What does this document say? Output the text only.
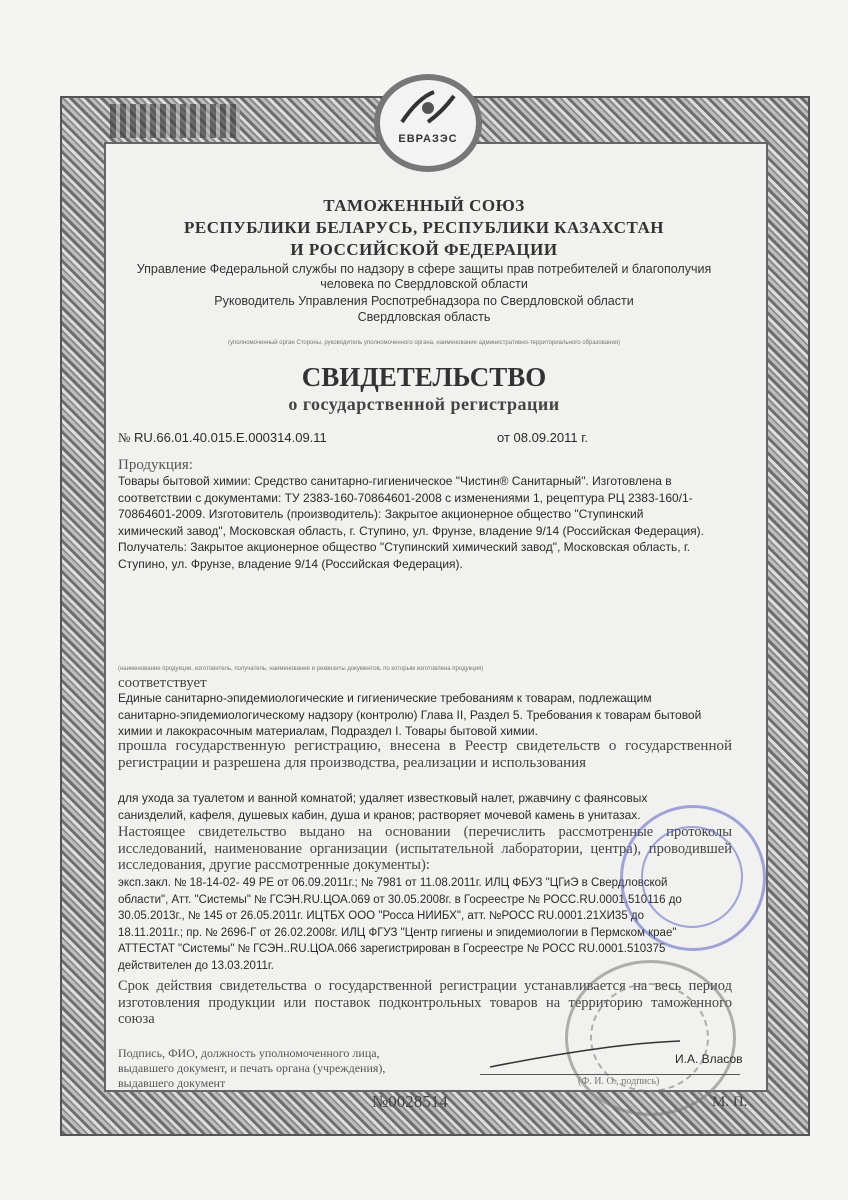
ЕВРАЗЭС
ТАМОЖЕННЫЙ СОЮЗ
РЕСПУБЛИКИ БЕЛАРУСЬ, РЕСПУБЛИКИ КАЗАХСТАН
И РОССИЙСКОЙ ФЕДЕРАЦИИ
Управление Федеральной службы по надзору в сфере защиты прав потребителей и благополучия
человека по Свердловской области
Руководитель Управления Роспотребнадзора по Свердловской области
Свердловская область
(уполномоченный орган Стороны, руководитель уполномоченного органа, наименование административно-территориального образования)
СВИДЕТЕЛЬСТВО
о государственной регистрации
№ RU.66.01.40.015.E.000314.09.11	от 08.09.2011 г.
Продукция:
Товары бытовой химии: Средство санитарно-гигиеническое "Чистин® Санитарный". Изготовлена в
соответствии с документами: ТУ 2383-160-70864601-2008 с изменениями 1, рецептура РЦ 2383-160/1-
70864601-2009. Изготовитель (производитель): Закрытое акционерное общество "Ступинский
химический завод", Московская область, г. Ступино, ул. Фрунзе, владение 9/14 (Российская Федерация).
Получатель: Закрытое акционерное общество "Ступинский химический завод", Московская область, г.
Ступино, ул. Фрунзе, владение 9/14 (Российская Федерация).
(наименование продукции, изготовитель, получатель, наименование и реквизиты документов, по которым изготовлена продукция)
соответствует
Единые санитарно-эпидемиологические и гигиенические требованиям к товарам, подлежащим
санитарно-эпидемиологическому надзору (контролю) Глава II, Раздел 5. Требования к товарам бытовой
химии и лакокрасочным материалам, Подраздел I. Товары бытовой химии.
прошла государственную регистрацию, внесена в Реестр свидетельств о государственной регистрации и разрешена для производства, реализации и использования
для ухода за туалетом и ванной комнатой; удаляет известковый налет, ржавчину с фаянсовых
санизделий, кафеля, душевых кабин, душа и кранов; растворяет мочевой камень в унитазах.
Настоящее свидетельство выдано на основании (перечислить рассмотренные протоколы исследований, наименование организации (испытательной лаборатории, центра), проводившей исследования, другие рассмотренные документы):
эксп.закл. № 18-14-02- 49 РЕ от 06.09.2011г.; № 7981 от 11.08.2011г. ИЛЦ ФБУЗ "ЦГиЭ в Свердловской
области", Атт. "Системы" № ГСЭН.RU.ЦОА.069 от 30.05.2008г. в Госреестре № РОСС.RU.0001.510116 до
30.05.2013г., № 145 от 26.05.2011г. ИЦТБХ ООО "Росса НИИБХ", атт. №РОСС RU.0001.21ХИ35 до
18.11.2011г.; пр. № 2696-Г от 26.02.2008г. ИЛЦ ФГУЗ "Центр гигиены и эпидемиологии в Пермском крае"
АТТЕСТАТ "Системы" № ГСЭН..RU.ЦОА.066 зарегистрирован в Госреестре № РОСС RU.0001.510375
действителен до 13.03.2011г.
Срок действия свидетельства о государственной регистрации устанавливается на весь период изготовления продукции или поставок подконтрольных товаров на территорию таможенного союза
Подпись, ФИО, должность уполномоченного лица,
выдавшего документ, и печать органа (учреждения),
выдавшего документ
И.А. Власов
(Ф. И. О., подпись)
№0028514	М. П.
